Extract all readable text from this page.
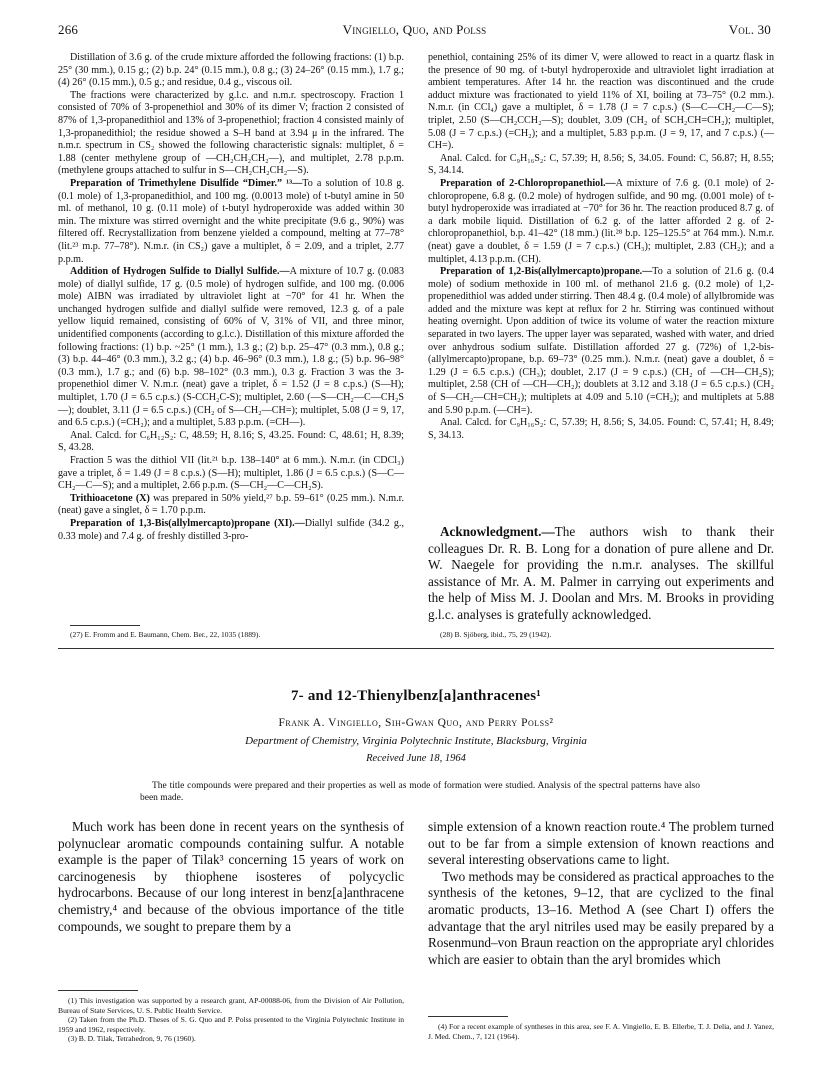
266	Vingiello, Quo, and Polss	Vol. 30

Distillation of 3.6 g. of the crude mixture afforded the following fractions: (1) b.p. 25° (30 mm.), 0.15 g.; (2) b.p. 24° (0.15 mm.), 0.8 g.; (3) 24–26° (0.15 mm.), 1.7 g.; (4) 26° (0.15 mm.), 0.5 g.; and residue, 0.4 g., viscous oil.

The fractions were characterized by g.l.c. and n.m.r. spectroscopy. Fraction 1 consisted of 70% of 3-propenethiol and 30% of its dimer V; fraction 2 consisted of 87% of 1,3-propanedithiol and 13% of 3-propenethiol; fraction 4 consisted mainly of 1,3-propanedithiol; the residue showed a S–H band at 3.94 μ in the infrared. The n.m.r. spectrum in CS₂ showed the following characteristic signals: multiplet, δ = 1.88 (center methylene group of —CH₂CH₂CH₂—), and multiplet, 2.78 p.p.m. (methylene groups attached to sulfur in S—CH₂CH₂CH₂—S).

Preparation of Trimethylene Disulfide “Dimer.” ¹³—To a solution of 10.8 g. (0.1 mole) of 1,3-propanedithiol, and 100 mg. (0.0013 mole) of t-butyl amine in 50 ml. of methanol, 10 g. (0.11 mole) of t-butyl hydroperoxide was added within 30 min. The mixture was stirred overnight and the white precipitate (9.6 g., 90%) was filtered off. Recrystallization from benzene yielded a compound, melting at 77–78° (lit.²³ m.p. 77–78°). N.m.r. (in CS₂) gave a multiplet, δ = 2.09, and a triplet, 2.77 p.p.m.

Addition of Hydrogen Sulfide to Diallyl Sulfide.—A mixture of 10.7 g. (0.083 mole) of diallyl sulfide, 17 g. (0.5 mole) of hydrogen sulfide, and 100 mg. (0.006 mole) AIBN was irradiated by ultraviolet light at −70° for 41 hr. When the unchanged hydrogen sulfide and diallyl sulfide were removed, 12.3 g. of a pale yellow liquid remained, consisting of 60% of V, 31% of VII, and three minor, unidentified components (according to g.l.c.). Distillation of this mixture afforded the following fractions: (1) b.p. ~25° (1 mm.), 1.3 g.; (2) b.p. 25–47° (0.3 mm.), 0.8 g.; (3) b.p. 44–46° (0.3 mm.), 3.2 g.; (4) b.p. 46–96° (0.3 mm.), 1.8 g.; (5) b.p. 96–98° (0.3 mm.), 1.7 g.; and (6) b.p. 98–102° (0.3 mm.), 0.3 g. Fraction 3 was the 3-propenethiol dimer V. N.m.r. (neat) gave a triplet, δ = 1.52 (J = 8 c.p.s.) (S—H); multiplet, 1.70 (J = 6.5 c.p.s.) (S-CCH₂C-S); multiplet, 2.60 (—S—CH₂—C—CH₂S—); doublet, 3.11 (J = 6.5 c.p.s.) (CH₂ of S—CH₂—CH=); multiplet, 5.08 (J = 9, 17, and 6.5 c.p.s.) (=CH₂); and a multiplet, 5.83 p.p.m. (=CH—).

Anal. Calcd. for C₆H₁₂S₂: C, 48.59; H, 8.16; S, 43.25. Found: C, 48.61; H, 8.39; S, 43.28.

Fraction 5 was the dithiol VII (lit.²¹ b.p. 138–140° at 6 mm.). N.m.r. (in CDCl₃) gave a triplet, δ = 1.49 (J = 8 c.p.s.) (S—H); multiplet, 1.86 (J = 6.5 c.p.s.) (S—C—CH₂—C—S); and a multiplet, 2.66 p.p.m. (S—CH₂—C—CH₂S).

Trithioacetone (X) was prepared in 50% yield,²⁷ b.p. 59–61° (0.25 mm.). N.m.r. (neat) gave a singlet, δ = 1.70 p.p.m.

Preparation of 1,3-Bis(allylmercapto)propane (XI).—Diallyl sulfide (34.2 g., 0.33 mole) and 7.4 g. of freshly distilled 3-pro-

penethiol, containing 25% of its dimer V, were allowed to react in a quartz flask in the presence of 90 mg. of t-butyl hydroperoxide and ultraviolet light irradiation at ambient temperatures. After 14 hr. the reaction was discontinued and the crude adduct mixture was fractionated to yield 11% of XI, boiling at 73–75° (0.2 mm.). N.m.r. (in CCl₄) gave a multiplet, δ = 1.78 (J = 7 c.p.s.) (S—C—CH₂—C—S); triplet, 2.50 (S—CH₂CCH₂—S); doublet, 3.09 (CH₂ of SCH₂CH=CH₂); multiplet, 5.08 (J = 7 c.p.s.) (=CH₂); and a multiplet, 5.83 p.p.m. (J = 9, 17, and 7 c.p.s.) (—CH=).

Anal. Calcd. for C₉H₁₆S₂: C, 57.39; H, 8.56; S, 34.05. Found: C, 56.87; H, 8.55; S, 34.14.

Preparation of 2-Chloropropanethiol.—A mixture of 7.6 g. (0.1 mole) of 2-chloropropene, 6.8 g. (0.2 mole) of hydrogen sulfide, and 90 mg. (0.001 mole) of t-butyl hydroperoxide was irradiated at −70° for 36 hr. The reaction produced 8.7 g. of a dark mobile liquid. Distillation of 6.2 g. of the latter afforded 2 g. of 2-chloropropanethiol, b.p. 41–42° (18 mm.) (lit.²⁸ b.p. 125–125.5° at 764 mm.). N.m.r. (neat) gave a doublet, δ = 1.59 (J = 7 c.p.s.) (CH₃); multiplet, 2.83 (CH₂); and a multiplet, 4.13 p.p.m. (CH).

Preparation of 1,2-Bis(allylmercapto)propane.—To a solution of 21.6 g. (0.4 mole) of sodium methoxide in 100 ml. of methanol 21.6 g. (0.2 mole) of 1,2-propenedithiol was added under stirring. Then 48.4 g. (0.4 mole) of allylbromide was added and the mixture was kept at reflux for 2 hr. Stirring was continued without heating overnight. Upon addition of twice its volume of water the reaction mixture separated in two layers. The upper layer was separated, washed with water, and dried over anhydrous sodium sulfate. Distillation afforded 27 g. (72%) of 1,2-bis-(allylmercapto)propane, b.p. 69–73° (0.25 mm.). N.m.r. (neat) gave a doublet, δ = 1.29 (J = 6.5 c.p.s.) (CH₃); doublet, 2.17 (J = 9 c.p.s.) (CH₂ of —CH—CH₂S); multiplet, 2.58 (CH of —CH—CH₂); doublets at 3.12 and 3.18 (J = 6.5 c.p.s.) (CH₂ of S—CH₂—CH=CH₂); multiplets at 4.09 and 5.10 (=CH₂); and multiplets at 5.88 and 5.90 p.p.m. (—CH=).

Anal. Calcd. for C₉H₁₆S₂: C, 57.39; H, 8.56; S, 34.05. Found: C, 57.41; H, 8.49; S, 34.13.

Acknowledgment.—The authors wish to thank their colleagues Dr. R. B. Long for a donation of pure allene and Dr. W. Naegele for providing the n.m.r. analyses. The skillful assistance of Mr. A. M. Palmer in carrying out experiments and the help of Miss M. J. Doolan and Mrs. M. Brooks in providing g.l.c. analyses is gratefully acknowledged.

(27) E. Fromm and E. Baumann, Chem. Ber., 22, 1035 (1889).	(28) B. Sjöberg, ibid., 75, 29 (1942).
7- and 12-Thienylbenz[a]anthracenes¹
Frank A. Vingiello, Sih-Gwan Quo, and Perry Polss²
Department of Chemistry, Virginia Polytechnic Institute, Blacksburg, Virginia
Received June 18, 1964

The title compounds were prepared and their properties as well as mode of formation were studied. Analysis of the spectral patterns have also been made.

Much work has been done in recent years on the synthesis of polynuclear aromatic compounds containing sulfur. A notable example is the paper of Tilak³ concerning 15 years of work on carcinogenesis by thiophene isosteres of polycyclic hydrocarbons. Because of our long interest in benz[a]anthracene chemistry,⁴ and because of the obvious importance of the title compounds, we sought to prepare them by a

simple extension of a known reaction route.⁴ The problem turned out to be far from a simple extension of known reactions and several interesting observations came to light.

Two methods may be considered as practical approaches to the synthesis of the ketones, 9–12, that are cyclized to the final aromatic products, 13–16. Method A (see Chart I) offers the advantage that the aryl nitriles used may be easily prepared by a Rosenmund–von Braun reaction on the appropriate aryl chlorides which are easier to obtain than the aryl bromides which

(1) This investigation was supported by a research grant, AP-00088-06, from the Division of Air Pollution, Bureau of State Services, U. S. Public Health Service.
(2) Taken from the Ph.D. Theses of S. G. Quo and P. Polss presented to the Virginia Polytechnic Institute in 1959 and 1962, respectively.
(3) B. D. Tilak, Tetrahedron, 9, 76 (1960).
(4) For a recent example of syntheses in this area, see F. A. Vingiello, E. B. Ellerbe, T. J. Delia, and J. Yanez, J. Med. Chem., 7, 121 (1964).
